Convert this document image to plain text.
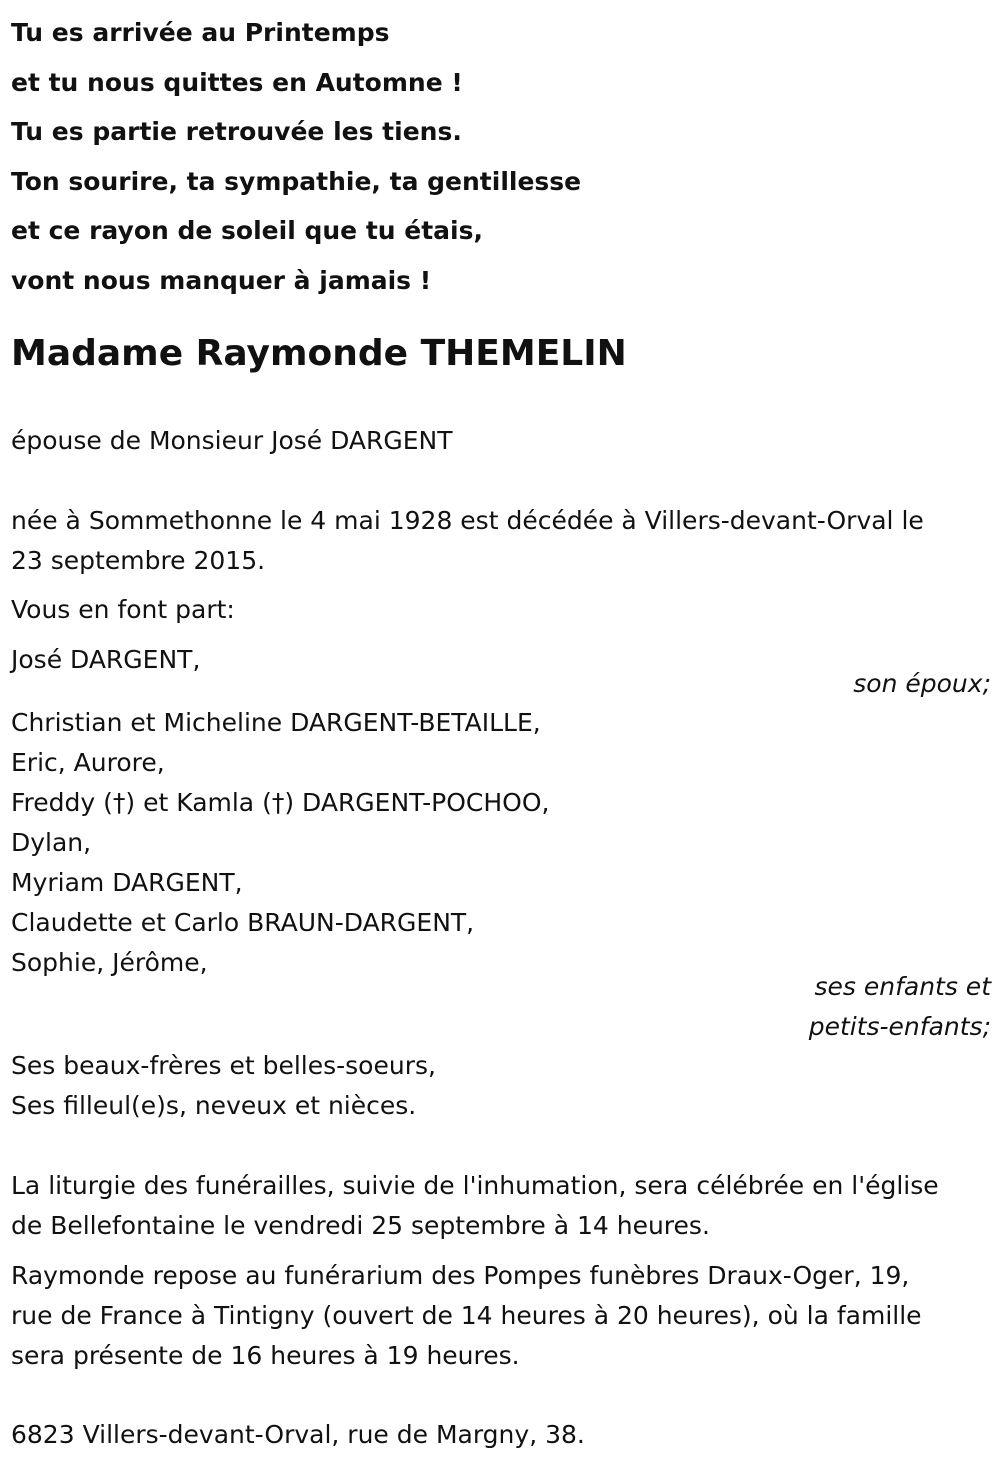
Tu es arrivée au Printemps
et tu nous quittes en Automne !
Tu es partie retrouvée les tiens.
Ton sourire, ta sympathie, ta gentillesse
et ce rayon de soleil que tu étais,
vont nous manquer à jamais !
Madame Raymonde THEMELIN
épouse de Monsieur José DARGENT
née à Sommethonne le 4 mai 1928 est décédée à Villers-devant-Orval le
23 septembre 2015.
Vous en font part:
José DARGENT,
son époux;
Christian et Micheline DARGENT-BETAILLE,
Eric, Aurore,
Freddy (†) et Kamla (†) DARGENT-POCHOO,
Dylan,
Myriam DARGENT,
Claudette et Carlo BRAUN-DARGENT,
Sophie, Jérôme,
ses enfants et
petits-enfants;
Ses beaux-frères et belles-soeurs,
Ses filleul(e)s, neveux et nièces.
La liturgie des funérailles, suivie de l'inhumation, sera célébrée en l'église
de Bellefontaine le vendredi 25 septembre à 14 heures.
Raymonde repose au funérarium des Pompes funèbres Draux-Oger, 19,
rue de France à Tintigny (ouvert de 14 heures à 20 heures), où la famille
sera présente de 16 heures à 19 heures.
6823 Villers-devant-Orval, rue de Margny, 38.
